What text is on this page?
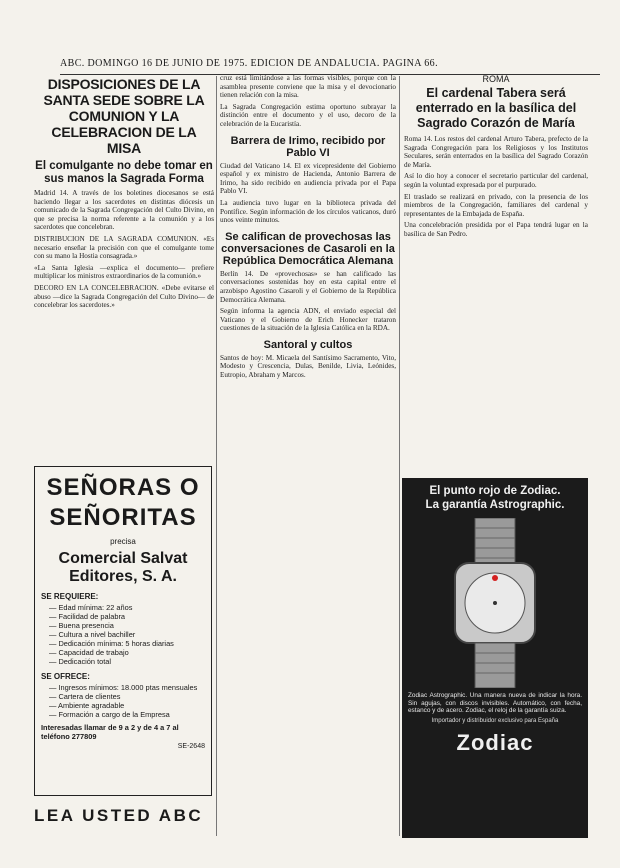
ABC. DOMINGO 16 DE JUNIO DE 1975. EDICION DE ANDALUCIA. PAGINA 66.
DISPOSICIONES DE LA SANTA SEDE SOBRE LA COMUNION Y LA CELEBRACION DE LA MISA
El comulgante no debe tomar en sus manos la Sagrada Forma

Madrid 14. A través de los boletines diocesanos se está haciendo llegar a los sacerdotes en distintas diócesis un comunicado de la Sagrada Congregación del Culto Divino, en que se precisa la norma referente a la comunión y a los sacerdotes que concelebran.

DISTRIBUCION DE LA SAGRADA COMUNION. «Es necesario enseñar la precisión con que el comulgante tome con su mano la Hostia consagrada.»

«La Santa Iglesia —explica el documento— prefiere multiplicar los ministros extraordinarios de la comunión.»

DECORO EN LA CONCELEBRACION. «Debe evitarse el abuso —dice la Sagrada Congregación del Culto Divino— de concelebrar los sacerdotes.»

SEÑORAS O
SEÑORITAS
precisa
Comercial Salvat
Editores, S. A.
SE REQUIERE:
— Edad mínima: 22 años
— Facilidad de palabra
— Buena presencia
— Cultura a nivel bachiller
— Dedicación mínima: 5 horas diarias
— Capacidad de trabajo
— Dedicación total
SE OFRECE:
— Ingresos mínimos: 18.000 ptas mensuales
— Cartera de clientes
— Ambiente agradable
— Formación a cargo de la Empresa
Interesadas llamar de 9 a 2 y de 4 a 7 al teléfono 277809
SE-2648
LEA USTED ABC

cruz está limitándose a las formas visibles, porque con la asamblea presente conviene que la misa y el devocionario tienen relación con la misa.

La Sagrada Congregación estima oportuno subrayar la distinción entre el documento y el uso, decoro de la celebración de la Eucaristía.

Barrera de Irimo, recibido por Pablo VI

Ciudad del Vaticano 14. El ex vicepresidente del Gobierno español y ex ministro de Hacienda, Antonio Barrera de Irimo, ha sido recibido en audiencia privada por el Papa Pablo VI.

La audiencia tuvo lugar en la biblioteca privada del Pontífice. Según información de los círculos vaticanos, duró unos veinte minutos.

Se califican de provechosas las conversaciones de Casaroli en la República Democrática Alemana

Berlín 14. De «provechosas» se han calificado las conversaciones sostenidas hoy en esta capital entre el arzobispo Agostino Casaroli y el Gobierno de la República Democrática Alemana.

Según informa la agencia ADN, el enviado especial del Vaticano y el Gobierno de Erich Honecker trataron cuestiones de la situación de la Iglesia Católica en la RDA.

Santoral y cultos

Santos de hoy: M. Micaela del Santísimo Sacramento, Vito, Modesto y Crescencia, Dulas, Benilde, Livia, Leónides, Eutropio, Abraham y Marcos.

ROMA
El cardenal Tabera será enterrado en la basílica del Sagrado Corazón de María

Roma 14. Los restos del cardenal Arturo Tabera, prefecto de la Sagrada Congregación para los Religiosos y los Institutos Seculares, serán enterrados en la basílica del Sagrado Corazón de María.

Así lo dio hoy a conocer el secretario particular del cardenal, según la voluntad expresada por el purpurado.

El traslado se realizará en privado, con la presencia de los miembros de la Congregación, familiares del cardenal y representantes de la Embajada de España.

Una concelebración presidida por el Papa tendrá lugar en la basílica de San Pedro.

El punto rojo de Zodiac.
La garantía Astrographic.

Zodiac Astrographic. Una manera nueva de indicar la hora. Sin agujas, con discos invisibles. Automático, con fecha, estanco y de acero. Zodiac, el reloj de la garantía suiza.

Importador y distribuidor exclusivo para España
Zodiac
